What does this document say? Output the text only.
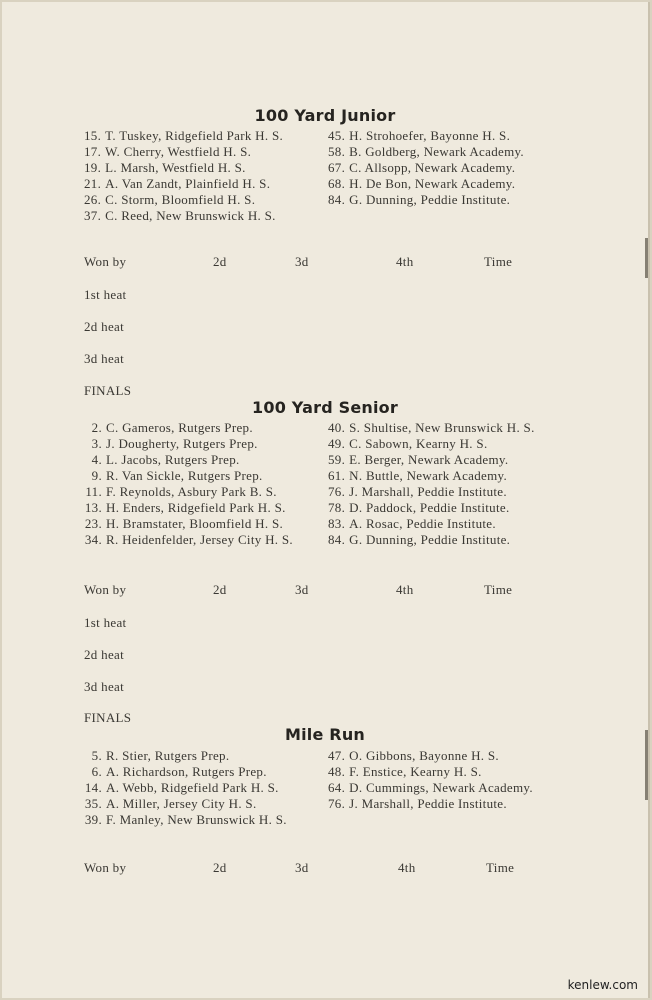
100 Yard Junior
15. T. Tuskey, Ridgefield Park H. S.
17. W. Cherry, Westfield H. S.
19. L. Marsh, Westfield H. S.
21. A. Van Zandt, Plainfield H. S.
26. C. Storm, Bloomfield H. S.
37. C. Reed, New Brunswick H. S.
45. H. Strohoefer, Bayonne H. S.
58. B. Goldberg, Newark Academy.
67. C. Allsopp, Newark Academy.
68. H. De Bon, Newark Academy.
84. G. Dunning, Peddie Institute.
Won by	2d	3d	4th	Time
1st heat
2d heat
3d heat
FINALS
100 Yard Senior
2. C. Gameros, Rutgers Prep.
3. J. Dougherty, Rutgers Prep.
4. L. Jacobs, Rutgers Prep.
9. R. Van Sickle, Rutgers Prep.
11. F. Reynolds, Asbury Park B. S.
13. H. Enders, Ridgefield Park H. S.
23. H. Bramstater, Bloomfield H. S.
34. R. Heidenfelder, Jersey City H. S.
40. S. Shultise, New Brunswick H. S.
49. C. Sabown, Kearny H. S.
59. E. Berger, Newark Academy.
61. N. Buttle, Newark Academy.
76. J. Marshall, Peddie Institute.
78. D. Paddock, Peddie Institute.
83. A. Rosac, Peddie Institute.
84. G. Dunning, Peddie Institute.
Won by	2d	3d	4th	Time
1st heat
2d heat
3d heat
FINALS
Mile Run
5. R. Stier, Rutgers Prep.
6. A. Richardson, Rutgers Prep.
14. A. Webb, Ridgefield Park H. S.
35. A. Miller, Jersey City H. S.
39. F. Manley, New Brunswick H. S.
47. O. Gibbons, Bayonne H. S.
48. F. Enstice, Kearny H. S.
64. D. Cummings, Newark Academy.
76. J. Marshall, Peddie Institute.
Won by	2d	3d	4th	Time
kenlew.com
